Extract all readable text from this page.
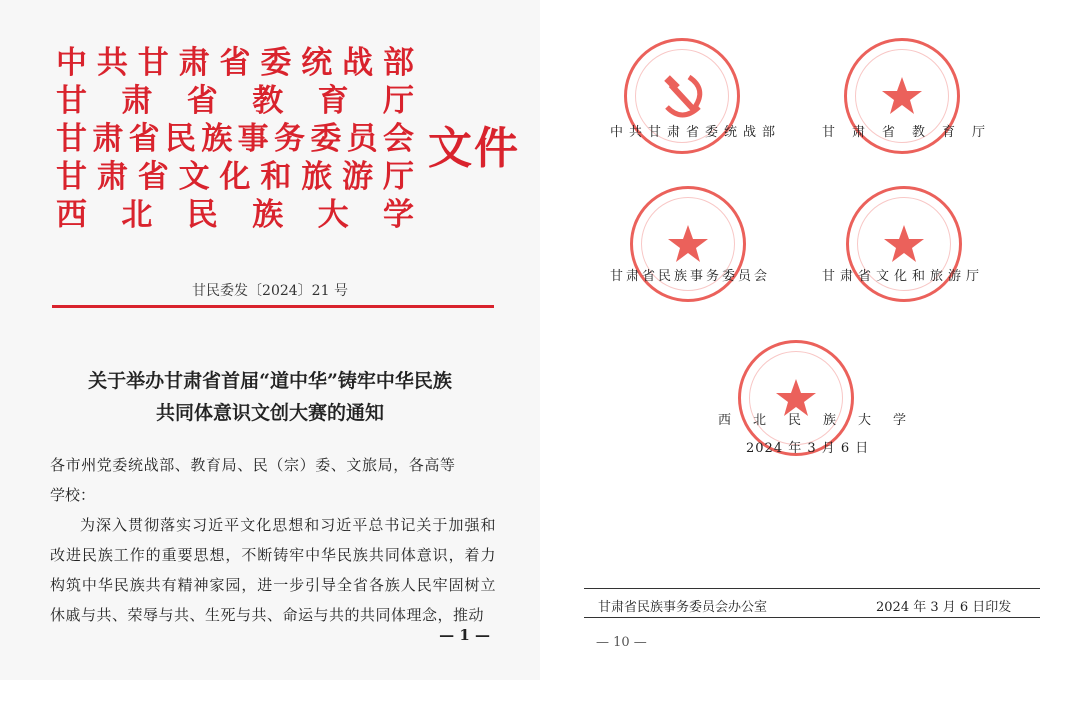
中共甘肃省委统战部
甘肃省教育厅
甘肃省民族事务委员会
甘肃省文化和旅游厅
西北民族大学
文件
甘民委发〔2024〕21 号
关于举办甘肃省首届“道中华”铸牢中华民族
共同体意识文创大赛的通知
各市州党委统战部、教育局、民（宗）委、文旅局，各高等
学校：
为深入贯彻落实习近平文化思想和习近平总书记关于加强和改进民族工作的重要思想，不断铸牢中华民族共同体意识，着力构筑中华民族共有精神家园，进一步引导全省各族人民牢固树立休戚与共、荣辱与共、生死与共、命运与共的共同体理念，推动
— 1 —
中共甘肃省委统战部	甘肃省教育厅
甘肃省民族事务委员会	甘肃省文化和旅游厅
西北民族大学
2024 年 3 月 6 日
甘肃省民族事务委员会办公室	2024 年 3 月 6 日印发
— 10 —
